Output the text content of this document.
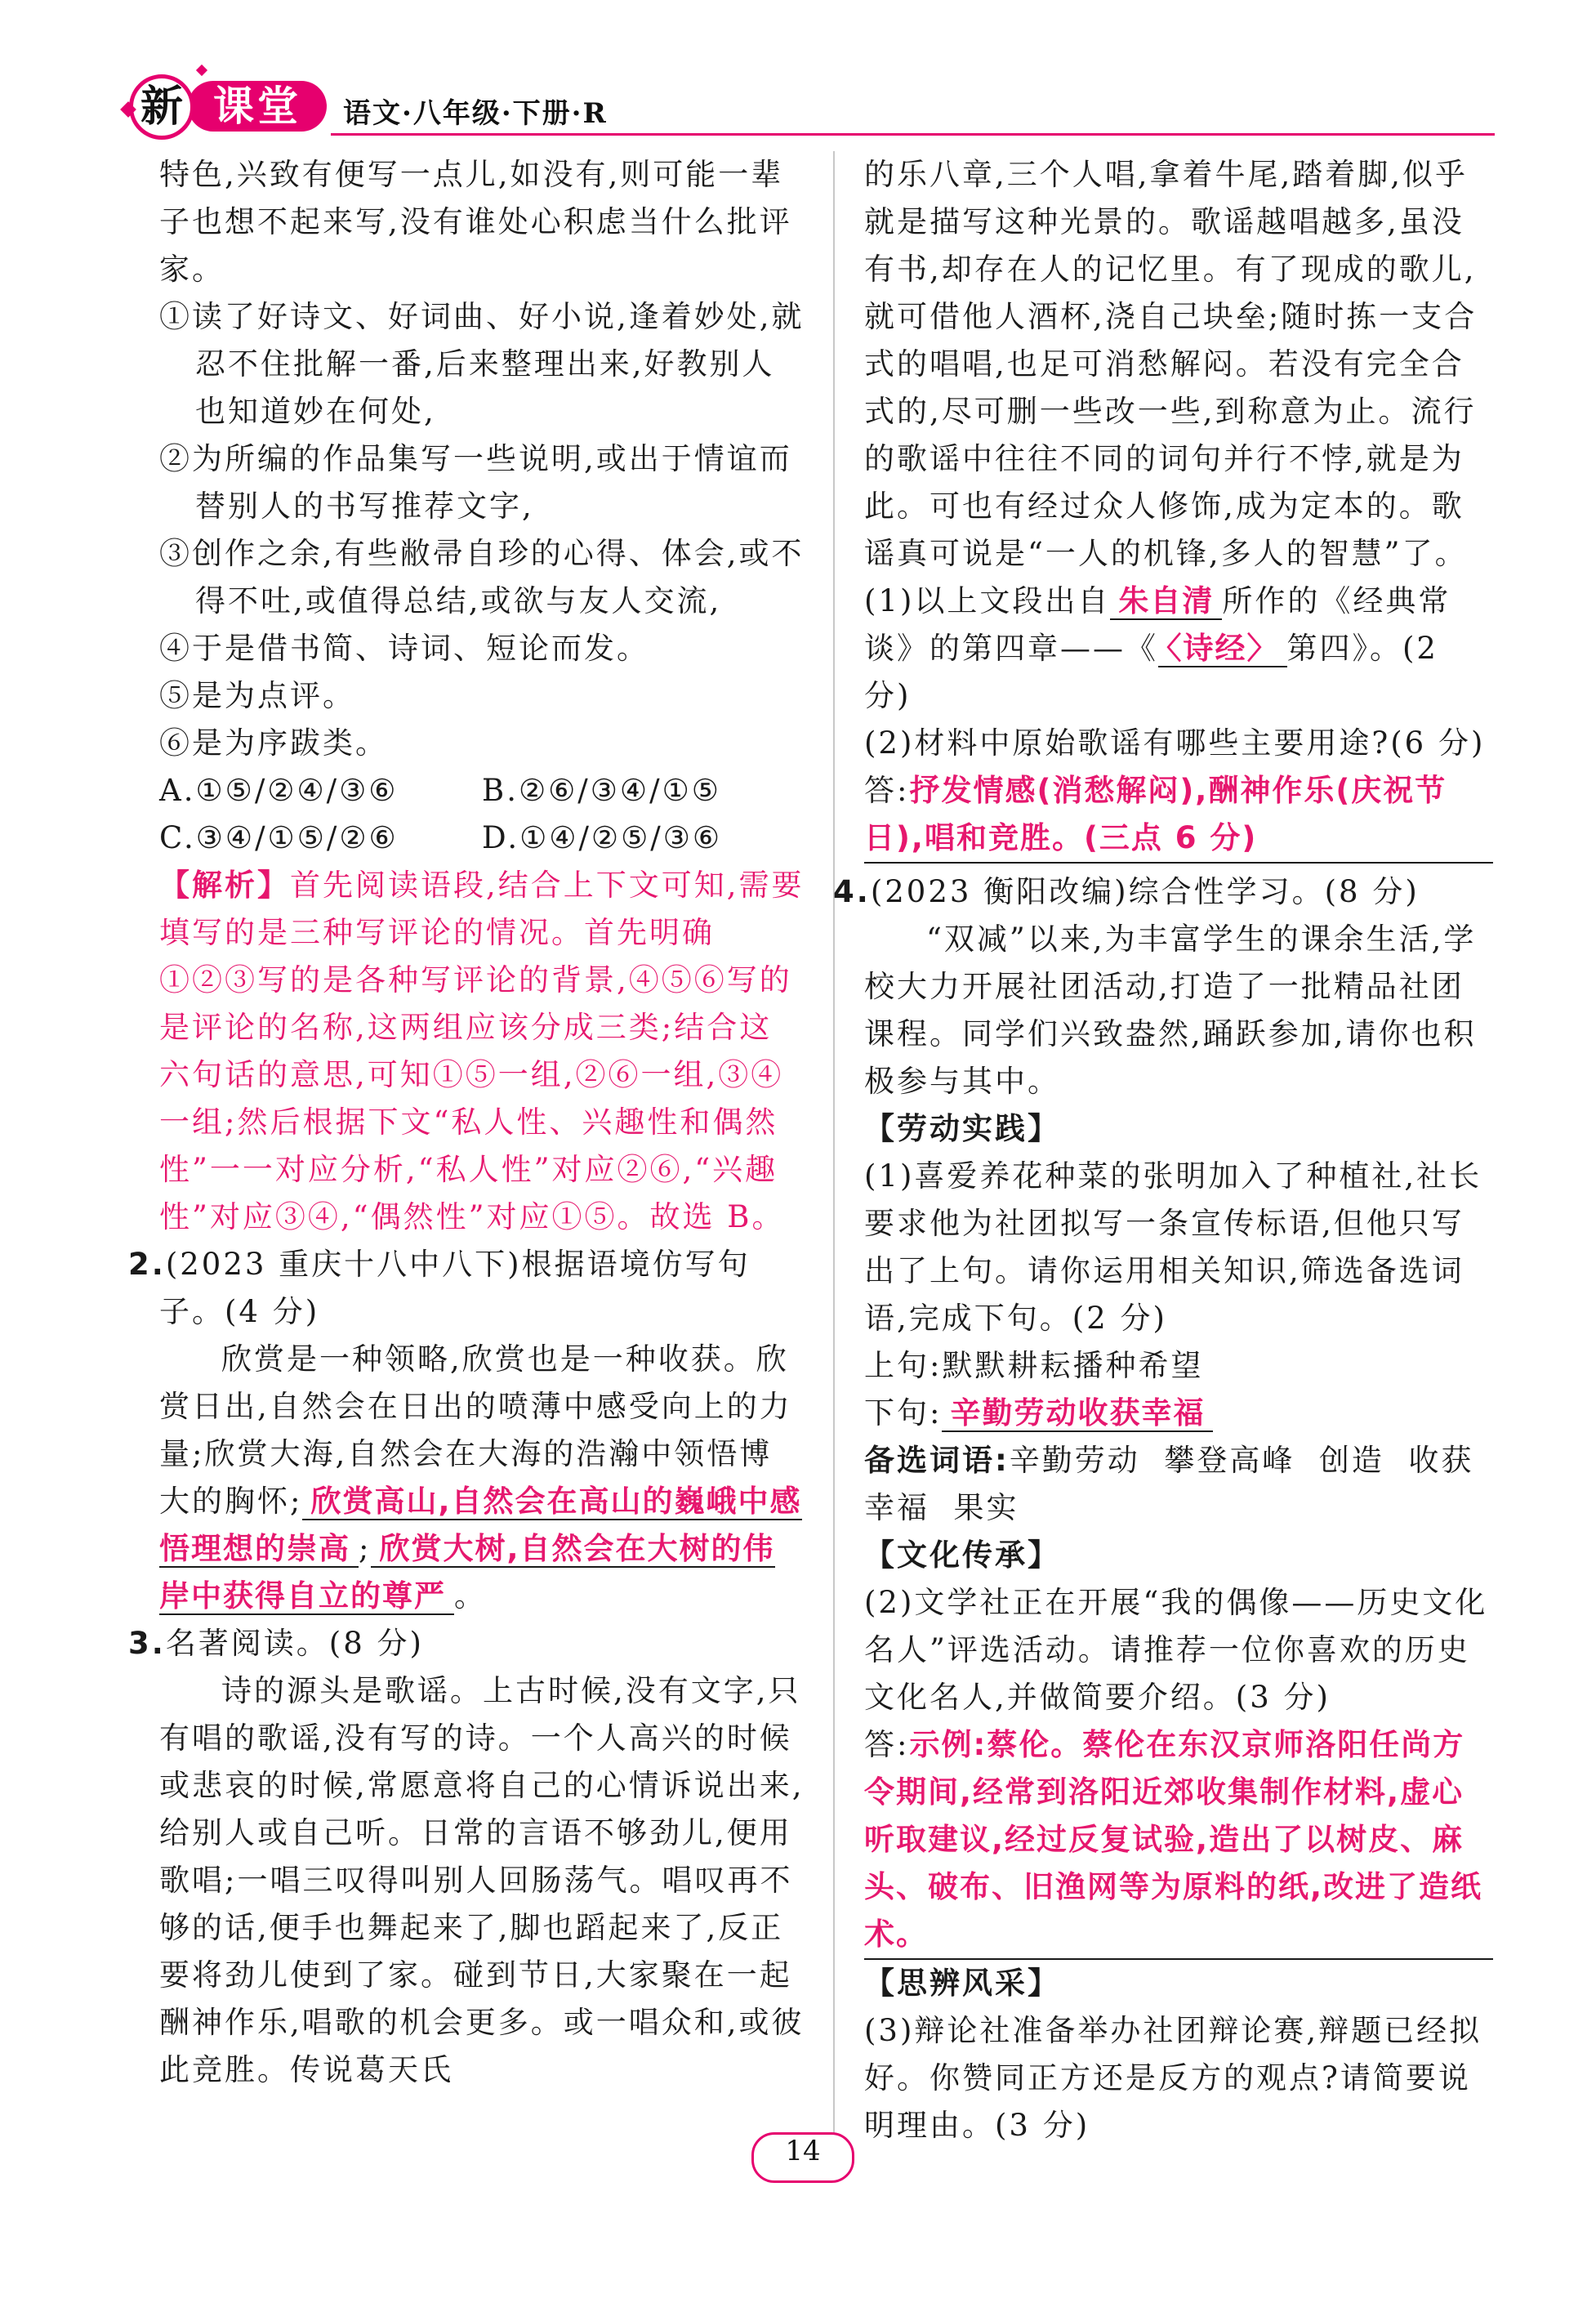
课堂
新	语文·八年级·下册·R

特色,兴致有便写一点儿,如没有,则可能一辈子也想不起来写,没有谁处心积虑当什么批评家。

①读了好诗文、好词曲、好小说,逢着妙处,就忍不住批解一番,后来整理出来,好教别人也知道妙在何处,

②为所编的作品集写一些说明,或出于情谊而替别人的书写推荐文字,

③创作之余,有些敝帚自珍的心得、体会,或不得不吐,或值得总结,或欲与友人交流,

④于是借书简、诗词、短论而发。

⑤是为点评。

⑥是为序跋类。

A.①⑤/②④/③⑥	B.②⑥/③④/①⑤
C.③④/①⑤/②⑥	D.①④/②⑤/③⑥

【解析】首先阅读语段,结合上下文可知,需要填写的是三种写评论的情况。首先明确①②③写的是各种写评论的背景,④⑤⑥写的是评论的名称,这两组应该分成三类;结合这六句话的意思,可知①⑤一组,②⑥一组,③④一组;然后根据下文“私人性、兴趣性和偶然性”一一对应分析,“私人性”对应②⑥,“兴趣性”对应③④,“偶然性”对应①⑤。故选 B。

2.(2023 重庆十八中八下)根据语境仿写句子。(4 分)

欣赏是一种领略,欣赏也是一种收获。欣赏日出,自然会在日出的喷薄中感受向上的力量;欣赏大海,自然会在大海的浩瀚中领悟博大的胸怀; 欣赏高山,自然会在高山的巍峨中感悟理想的崇高 ; 欣赏大树,自然会在大树的伟岸中获得自立的尊严 。

3.名著阅读。(8 分)

诗的源头是歌谣。上古时候,没有文字,只有唱的歌谣,没有写的诗。一个人高兴的时候或悲哀的时候,常愿意将自己的心情诉说出来,给别人或自己听。日常的言语不够劲儿,便用歌唱;一唱三叹得叫别人回肠荡气。唱叹再不够的话,便手也舞起来了,脚也蹈起来了,反正要将劲儿使到了家。碰到节日,大家聚在一起酬神作乐,唱歌的机会更多。或一唱众和,或彼此竞胜。传说葛天氏

的乐八章,三个人唱,拿着牛尾,踏着脚,似乎就是描写这种光景的。歌谣越唱越多,虽没有书,却存在人的记忆里。有了现成的歌儿,就可借他人酒杯,浇自己块垒;随时拣一支合式的唱唱,也足可消愁解闷。若没有完全合式的,尽可删一些改一些,到称意为止。流行的歌谣中往往不同的词句并行不悖,就是为此。可也有经过众人修饰,成为定本的。歌谣真可说是“一人的机锋,多人的智慧”了。

(1)以上文段出自 朱自清 所作的《经典常谈》的第四章——《 〈诗经〉 第四》。(2 分)

(2)材料中原始歌谣有哪些主要用途?(6 分)

答:抒发情感(消愁解闷),酬神作乐(庆祝节日),唱和竞胜。(三点 6 分)

4.(2023 衡阳改编)综合性学习。(8 分)

“双减”以来,为丰富学生的课余生活,学校大力开展社团活动,打造了一批精品社团课程。同学们兴致盎然,踊跃参加,请你也积极参与其中。

【劳动实践】

(1)喜爱养花种菜的张明加入了种植社,社长要求他为社团拟写一条宣传标语,但他只写出了上句。请你运用相关知识,筛选备选词语,完成下句。(2 分)

上句:默默耕耘播种希望

下句: 辛勤劳动收获幸福

备选词语:辛勤劳动  攀登高峰  创造  收获  幸福  果实

【文化传承】

(2)文学社正在开展“我的偶像——历史文化名人”评选活动。请推荐一位你喜欢的历史文化名人,并做简要介绍。(3 分)

答:示例:蔡伦。蔡伦在东汉京师洛阳任尚方令期间,经常到洛阳近郊收集制作材料,虚心听取建议,经过反复试验,造出了以树皮、麻头、破布、旧渔网等为原料的纸,改进了造纸术。

【思辨风采】

(3)辩论社准备举办社团辩论赛,辩题已经拟好。你赞同正方还是反方的观点?请简要说明理由。(3 分)

14
